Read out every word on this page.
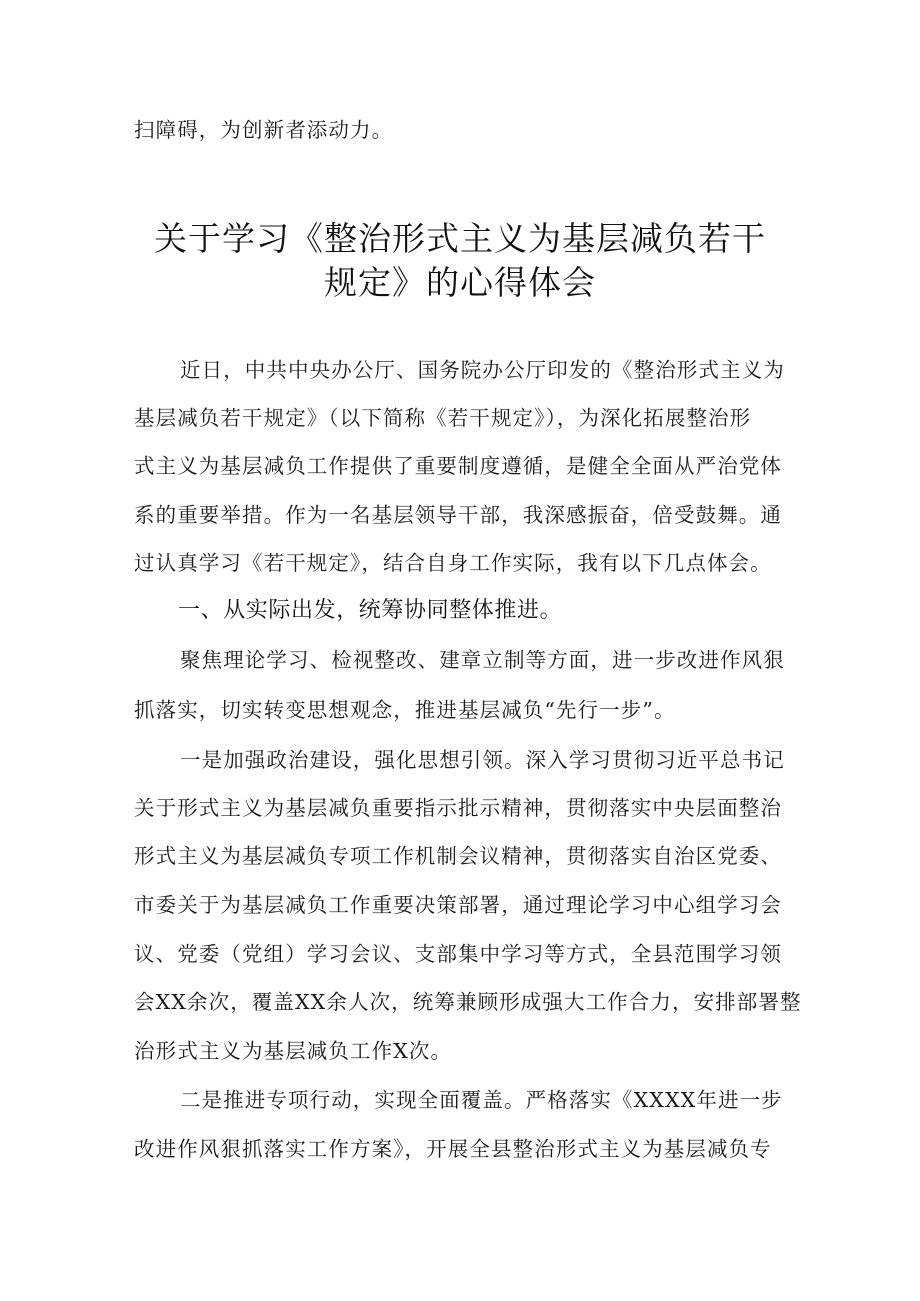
扫障碍，为创新者添动力。
关于学习《整治形式主义为基层减负若干
规定》的心得体会
近日，中共中央办公厅、国务院办公厅印发的《整治形式主义为
基层减负若干规定》（以下简称《若干规定》），为深化拓展整治形
式主义为基层减负工作提供了重要制度遵循，是健全全面从严治党体
系的重要举措。作为一名基层领导干部，我深感振奋，倍受鼓舞。通
过认真学习《若干规定》，结合自身工作实际，我有以下几点体会。
一、从实际出发，统筹协同整体推进。
聚焦理论学习、检视整改、建章立制等方面，进一步改进作风狠
抓落实，切实转变思想观念，推进基层减负“先行一步”。
一是加强政治建设，强化思想引领。深入学习贯彻习近平总书记
关于形式主义为基层减负重要指示批示精神，贯彻落实中央层面整治
形式主义为基层减负专项工作机制会议精神，贯彻落实自治区党委、
市委关于为基层减负工作重要决策部署，通过理论学习中心组学习会
议、党委（党组）学习会议、支部集中学习等方式，全县范围学习领
会XX余次，覆盖XX余人次，统筹兼顾形成强大工作合力，安排部署整
治形式主义为基层减负工作X次。
二是推进专项行动，实现全面覆盖。严格落实《XXXX年进一步
改进作风狠抓落实工作方案》，开展全县整治形式主义为基层减负专
